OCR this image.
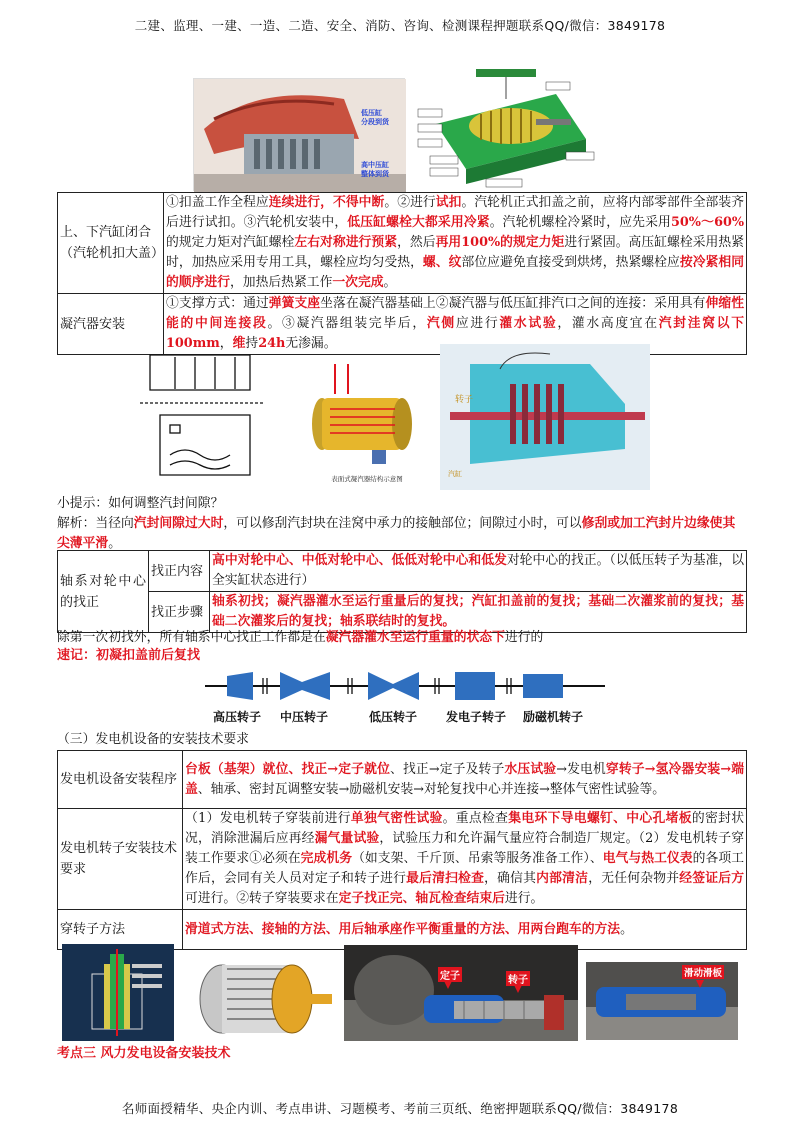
二建、监理、一建、一造、二造、安全、消防、咨询、检测课程押题联系QQ/微信：3849178
低压缸
分段到货
高中压缸
整体到货
上、下汽缸闭合（汽轮机扣大盖）	①扣盖工作全程应连续进行，不得中断。②进行试扣。汽轮机正式扣盖之前，应将内部零部件全部装齐后进行试扣。③汽轮机安装中，低压缸螺栓大都采用冷紧。汽轮机螺栓冷紧时，应先采用50%～60%的规定力矩对汽缸螺栓左右对称进行预紧，然后再用100%的规定力矩进行紧固。高压缸螺栓采用热紧时，加热应采用专用工具，螺栓应均匀受热，螺、纹部位应避免直接受到烘烤，热紧螺栓应按冷紧相同的顺序进行，加热后热紧工作一次完成。
凝汽器安装	①支撑方式：通过弹簧支座坐落在凝汽器基础上②凝汽器与低压缸排汽口之间的连接：采用具有伸缩性能的中间连接段。③凝汽器组装完毕后，汽侧应进行灌水试验，灌水高度宜在汽封洼窝以下100mm，维持24h无渗漏。
表面式凝汽器结构示意图
转子
汽缸
小提示：如何调整汽封间隙？
解析：当径向汽封间隙过大时，可以修刮汽封块在洼窝中承力的接触部位；间隙过小时，可以修刮或加工汽封片边缘使其尖薄平滑。
轴系对轮中心的找正	找正内容	高中对轮中心、中低对轮中心、低低对轮中心和低发对轮中心的找正。（以低压转子为基准，以全实缸状态进行）
	找正步骤	轴系初找；凝汽器灌水至运行重量后的复找；汽缸扣盖前的复找；基础二次灌浆前的复找；基础二次灌浆后的复找；轴系联结时的复找。
除第一次初找外，所有轴系中心找正工作都是在凝汽器灌水至运行重量的状态下进行的
速记：初凝扣盖前后复找
高压转子 中压转子	低压转子 发电子转子 励磁机转子
（三）发电机设备的安装技术要求
发电机设备安装程序	台板（基架）就位、找正→定子就位、找正→定子及转子水压试验→发电机穿转子→氢冷器安装→端盖、轴承、密封瓦调整安装→励磁机安装→对轮复找中心并连接→整体气密性试验等。
发电机转子安装技术要求	（1）发电机转子穿装前进行单独气密性试验。重点检查集电环下导电螺钉、中心孔堵板的密封状况，消除泄漏后应再经漏气量试验，试验压力和允许漏气量应符合制造厂规定。（2）发电机转子穿装工作要求①必须在完成机务（如支架、千斤顶、吊索等服务准备工作）、电气与热工仪表的各项工作后，会同有关人员对定子和转子进行最后清扫检查，确信其内部清洁，无任何杂物并经签证后方可进行。②转子穿装要求在定子找正完、轴瓦检查结束后进行。
穿转子方法	滑道式方法、接轴的方法、用后轴承座作平衡重量的方法、用两台跑车的方法。
定子	转子
滑动滑板
考点三 风力发电设备安装技术
名师面授精华、央企内训、考点串讲、习题模考、考前三页纸、绝密押题联系QQ/微信：3849178
